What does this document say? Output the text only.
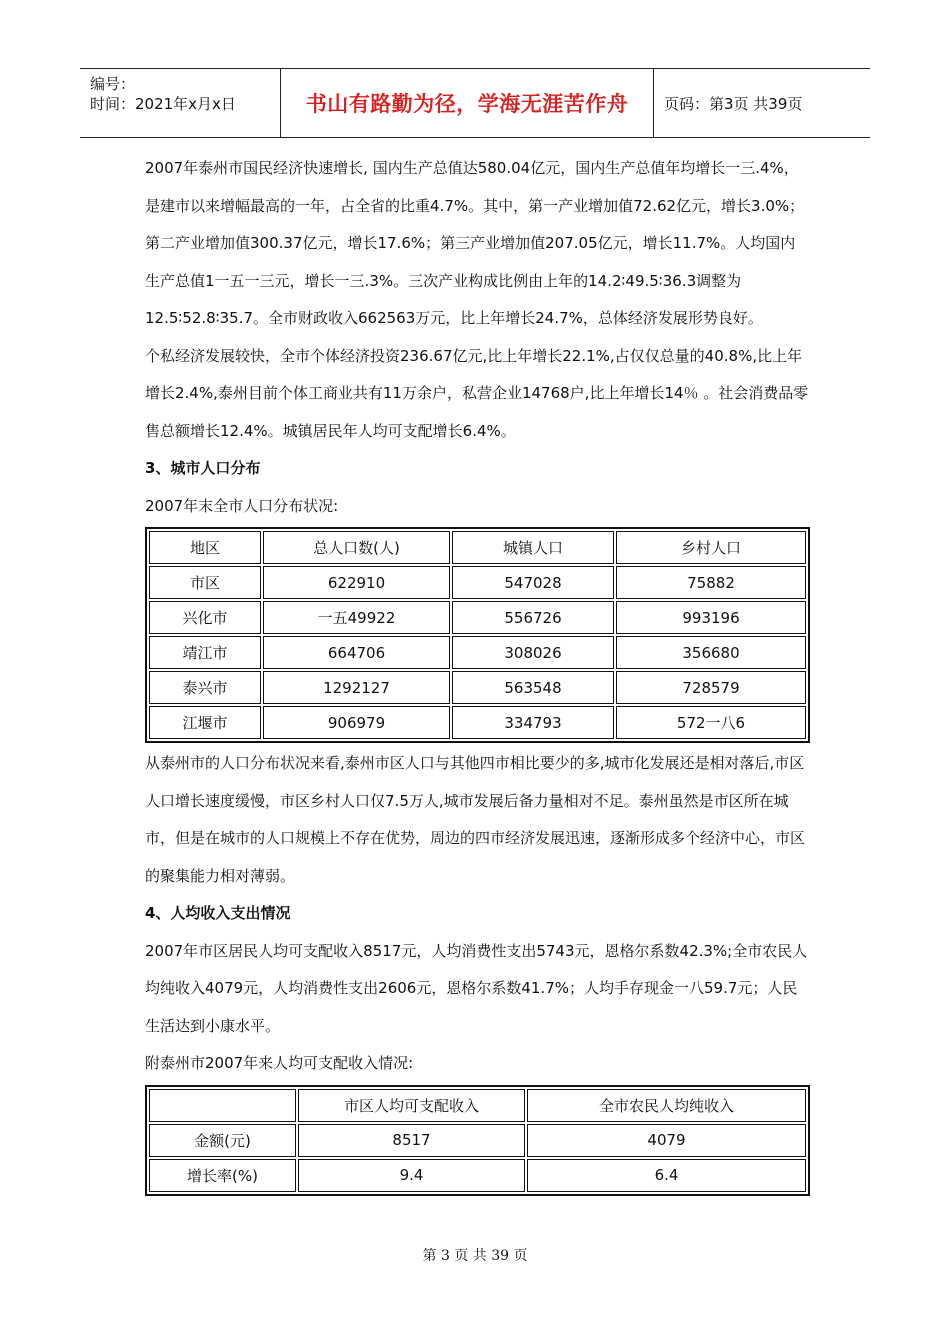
编号：
时间：2021年x月x日	书山有路勤为径，学海无涯苦作舟	页码：第3页 共39页

2007年泰州市国民经济快速增长, 国内生产总值达580.04亿元，国内生产总值年均增长一三.4%，是建市以来增幅最高的一年，占全省的比重4.7%。其中，第一产业增加值72.62亿元，增长3.0%；第二产业增加值300.37亿元，增长17.6%；第三产业增加值207.05亿元，增长11.7%。人均国内生产总值1一五一三元，增长一三.3%。三次产业构成比例由上年的14.2∶49.5∶36.3调整为12.5∶52.8∶35.7。全市财政收入662563万元，比上年增长24.7%，总体经济发展形势良好。

个私经济发展较快，全市个体经济投资236.67亿元,比上年增长22.1%,占仅仅总量的40.8%,比上年增长2.4%,泰州目前个体工商业共有11万余户，私营企业14768户,比上年增长14％ 。社会消费品零售总额增长12.4%。城镇居民年人均可支配增长6.4%。

3、城市人口分布

2007年末全市人口分布状况:

地区	总人口数(人)	城镇人口	乡村人口
市区	622910	547028	75882
兴化市	一五49922	556726	993196
靖江市	664706	308026	356680
泰兴市	1292127	563548	728579
江堰市	906979	334793	572一八6

从泰州市的人口分布状况来看,泰州市区人口与其他四市相比要少的多,城市化发展还是相对落后,市区人口增长速度缓慢，市区乡村人口仅7.5万人,城市发展后备力量相对不足。泰州虽然是市区所在城市，但是在城市的人口规模上不存在优势，周边的四市经济发展迅速，逐渐形成多个经济中心，市区的聚集能力相对薄弱。

4、人均收入支出情况

2007年市区居民人均可支配收入8517元，人均消费性支出5743元，恩格尔系数42.3%;全市农民人均纯收入4079元，人均消费性支出2606元，恩格尔系数41.7%；人均手存现金一八59.7元；人民生活达到小康水平。

附泰州市2007年来人均可支配收入情况:

	市区人均可支配收入	全市农民人均纯收入
金额(元)	8517	4079
增长率(%)	9.4	6.4
第 3 页 共 39 页
